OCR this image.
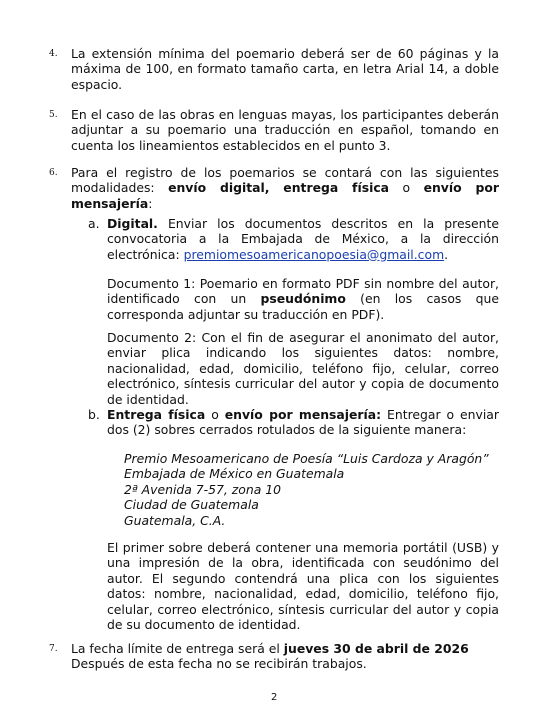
4. La extensión mínima del poemario deberá ser de 60 páginas y la máxima de 100, en formato tamaño carta, en letra Arial 14, a doble espacio.
5. En el caso de las obras en lenguas mayas, los participantes deberán adjuntar a su poemario una traducción en español, tomando en cuenta los lineamientos establecidos en el punto 3.
6. Para el registro de los poemarios se contará con las siguientes modalidades: envío digital, entrega física o envío por mensajería:
a. Digital. Enviar los documentos descritos en la presente convocatoria a la Embajada de México, a la dirección electrónica: premiomesoamericanopoesia@gmail.com.
Documento 1: Poemario en formato PDF sin nombre del autor, identificado con un pseudónimo (en los casos que corresponda adjuntar su traducción en PDF).
Documento 2: Con el fin de asegurar el anonimato del autor, enviar plica indicando los siguientes datos: nombre, nacionalidad, edad, domicilio, teléfono fijo, celular, correo electrónico, síntesis curricular del autor y copia de documento de identidad.
b. Entrega física o envío por mensajería: Entregar o enviar dos (2) sobres cerrados rotulados de la siguiente manera:
Premio Mesoamericano de Poesía “Luis Cardoza y Aragón”
Embajada de México en Guatemala
2ª Avenida 7-57, zona 10
Ciudad de Guatemala
Guatemala, C.A.
El primer sobre deberá contener una memoria portátil (USB) y una impresión de la obra, identificada con seudónimo del autor. El segundo contendrá una plica con los siguientes datos: nombre, nacionalidad, edad, domicilio, teléfono fijo, celular, correo electrónico, síntesis curricular del autor y copia de su documento de identidad.
7. La fecha límite de entrega será el jueves 30 de abril de 2026
Después de esta fecha no se recibirán trabajos.
2
